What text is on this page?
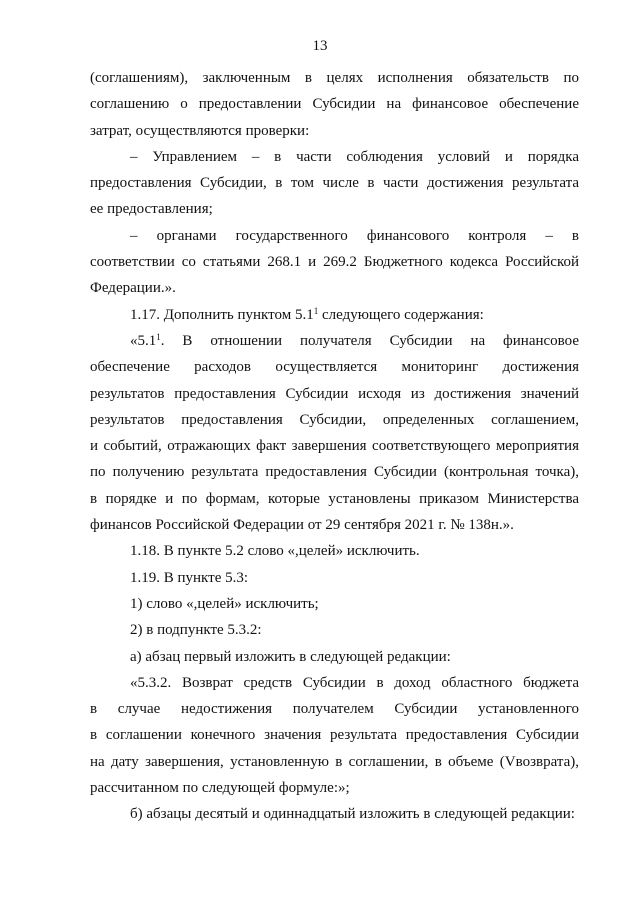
13
(соглашениям), заключенным в целях исполнения обязательств по
соглашению о предоставлении Субсидии на финансовое обеспечение
затрат, осуществляются проверки:
– Управлением – в части соблюдения условий и порядка
предоставления Субсидии, в том числе в части достижения результата
ее предоставления;
– органами государственного финансового контроля – в
соответствии со статьями 268.1 и 269.2 Бюджетного кодекса Российской
Федерации.».
1.17. Дополнить пунктом $5.1^1$ следующего содержания:
«$5.1^1$. В отношении получателя Субсидии на финансовое
обеспечение расходов осуществляется мониторинг достижения
результатов предоставления Субсидии исходя из достижения значений
результатов предоставления Субсидии, определенных соглашением,
и событий, отражающих факт завершения соответствующего мероприятия
по получению результата предоставления Субсидии (контрольная точка),
в порядке и по формам, которые установлены приказом Министерства
финансов Российской Федерации от 29 сентября 2021 г. № 138н.».
1.18. В пункте 5.2 слово «,целей» исключить.
1.19. В пункте 5.3:
1) слово «,целей» исключить;
2) в подпункте 5.3.2:
а) абзац первый изложить в следующей редакции:
«5.3.2. Возврат средств Субсидии в доход областного бюджета
в случае недостижения получателем Субсидии установленного
в соглашении конечного значения результата предоставления Субсидии
на дату завершения, установленную в соглашении, в объеме (Vвозврата),
рассчитанном по следующей формуле:»;
б) абзацы десятый и одиннадцатый изложить в следующей редакции:
